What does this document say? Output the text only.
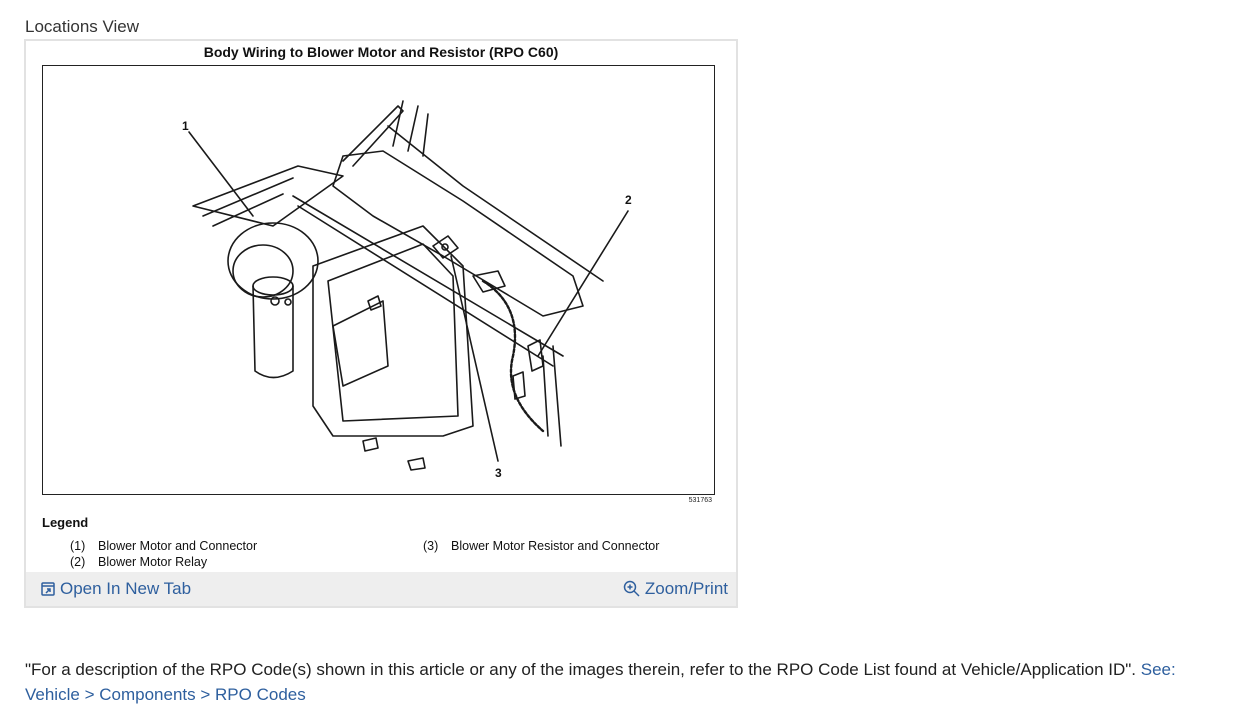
Locations View
Body Wiring to Blower Motor and Resistor (RPO C60)
1
2
3
531763
Legend
(1) Blower Motor and Connector
(2) Blower Motor Relay
(3) Blower Motor Resistor and Connector
Open In New Tab	Zoom/Print
"For a description of the RPO Code(s) shown in this article or any of the images therein, refer to the RPO Code List found at Vehicle/Application ID". See: Vehicle > Components > RPO Codes
